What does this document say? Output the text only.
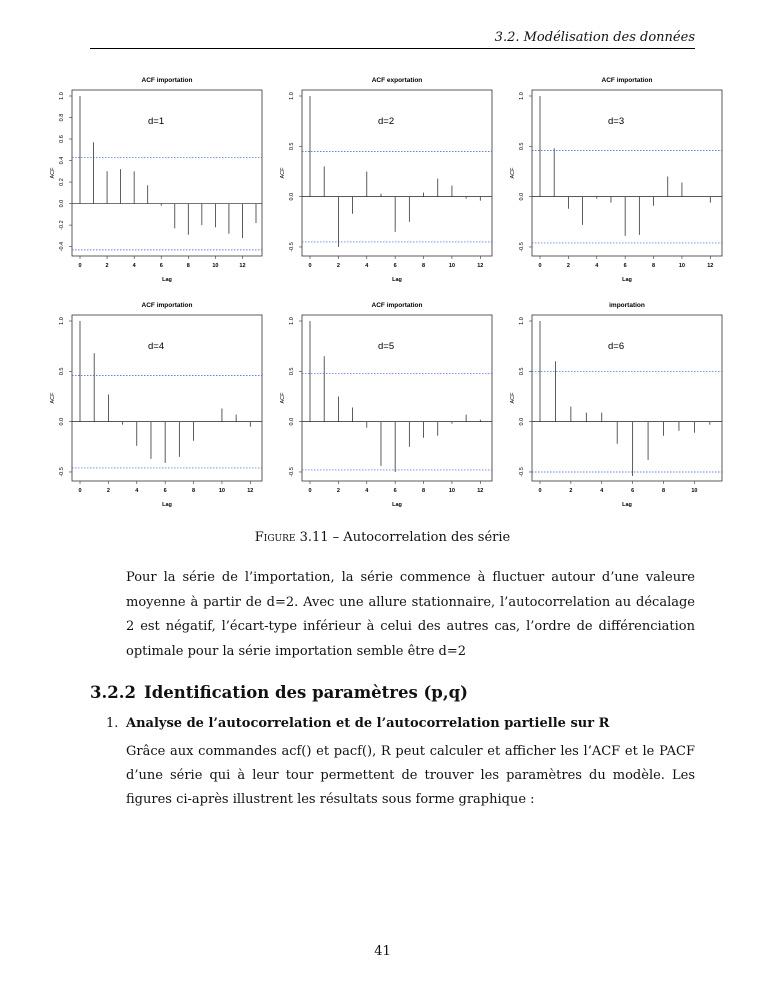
3.2. Modélisation des données
ACF importation
-0.4
-0.2
0.0
0.2
0.4
0.6
0.8
1.0
0	2	4	6	8	10	12
Lag
ACF
d=1
ACF exportation
-0.5
0.0
0.5
1.0
0	2	4	6	8	10	12
Lag
ACF
d=2
ACF importation
-0.5
0.0
0.5
1.0
0	2	4	6	8	10	12
Lag
ACF
d=3
ACF importation
-0.5
0.0
0.5
1.0
0	2	4	6	8	10	12
Lag
ACF
d=4
ACF importation
-0.5
0.0
0.5
1.0
0	2	4	6	8	10	12
Lag
ACF
d=5
importation
-0.5
0.0
0.5
1.0
0	2	4	6	8	10
Lag
ACF
d=6
Figure 3.11 – Autocorrelation des série

Pour la série de l’importation, la série commence à fluctuer autour d’une valeure moyenne à partir de d=2. Avec une allure stationnaire, l’autocorrelation au décalage 2 est négatif, l’écart-type inférieur à celui des autres cas, l’ordre de différenciation optimale pour la série importation semble être d=2

3.2.2 Identification des paramètres (p,q)
1. Analyse de l’autocorrelation et de l’autocorrelation partielle sur R

Grâce aux commandes acf() et pacf(), R peut calculer et afficher les l’ACF et le PACF d’une série qui à leur tour permettent de trouver les paramètres du modèle. Les figures ci-après illustrent les résultats sous forme graphique :

41
